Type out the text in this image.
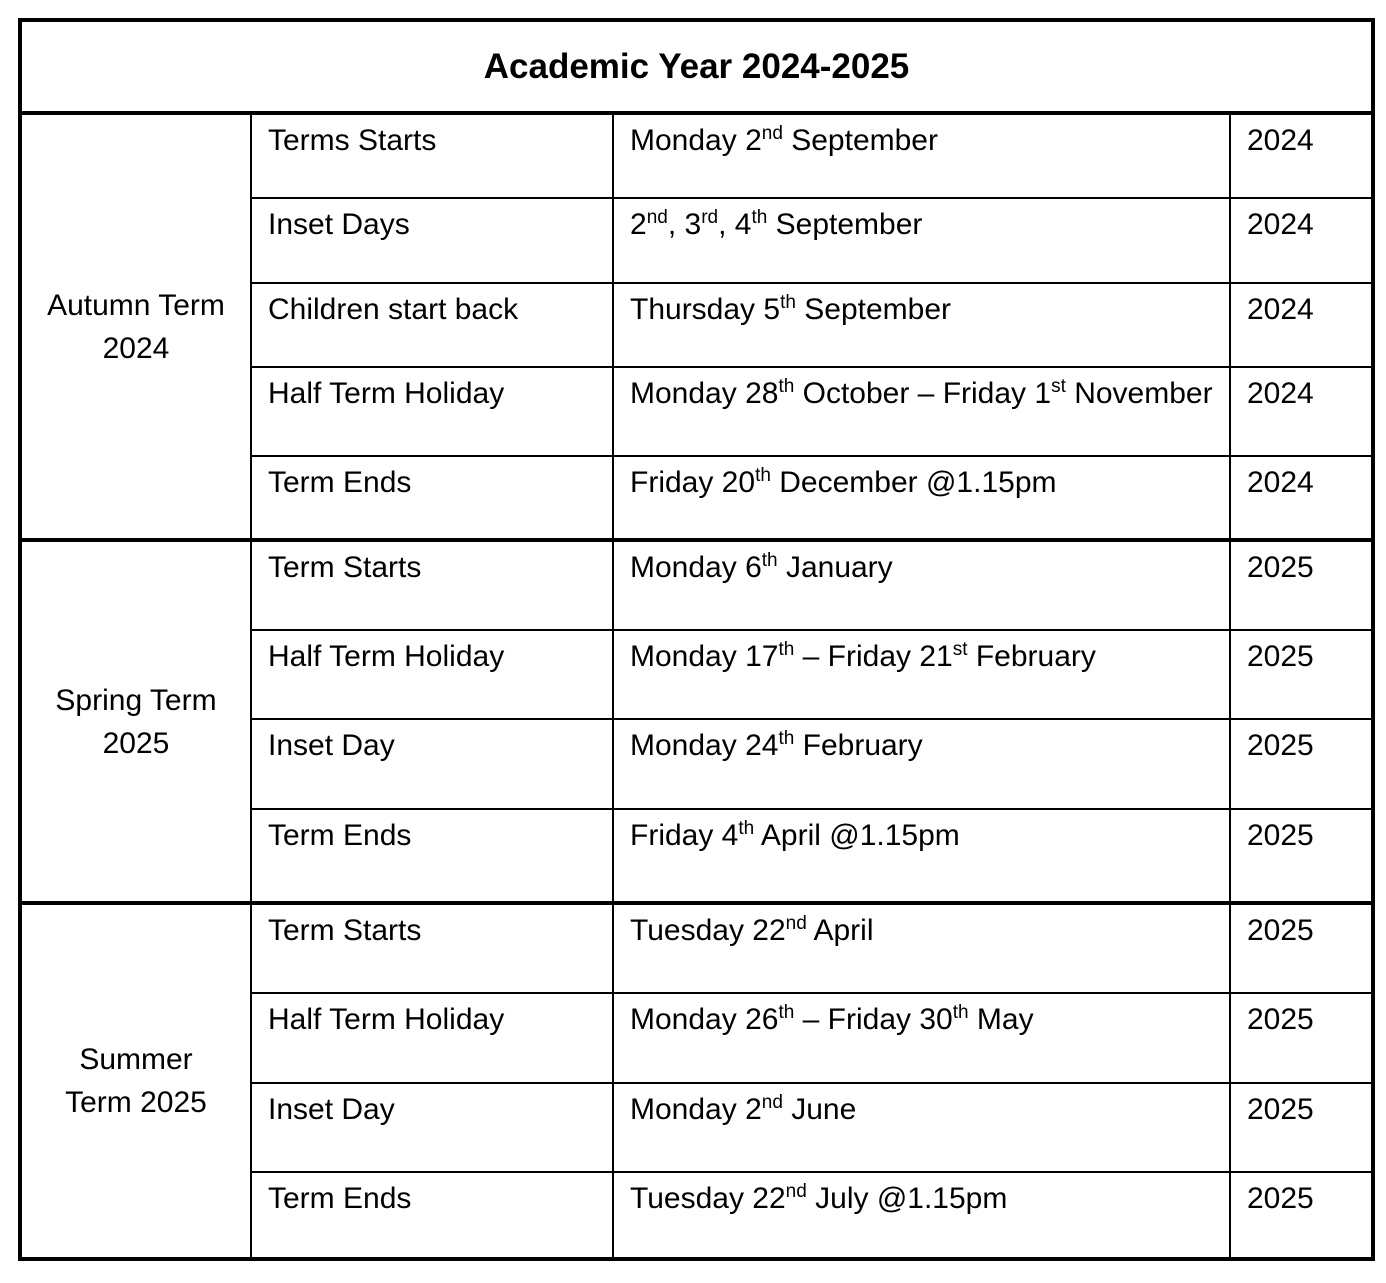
Academic Year 2024-2025			

Autumn Term
2024	Terms Starts	Monday 2nd September	2024
	Inset Days	2nd, 3rd, 4th September	2024
	Children start back	Thursday 5th September	2024
	Half Term Holiday	Monday 28th October – Friday 1st November	2024
	Term Ends	Friday 20th December @1.15pm	2024

Spring Term
2025	Term Starts	Monday 6th January	2025
	Half Term Holiday	Monday 17th – Friday 21st February	2025
	Inset Day	Monday 24th February	2025
	Term Ends	Friday 4th April @1.15pm	2025

Summer
Term 2025	Term Starts	Tuesday 22nd April	2025
	Half Term Holiday	Monday 26th – Friday 30th May	2025
	Inset Day	Monday 2nd June	2025
	Term Ends	Tuesday 22nd July @1.15pm	2025
